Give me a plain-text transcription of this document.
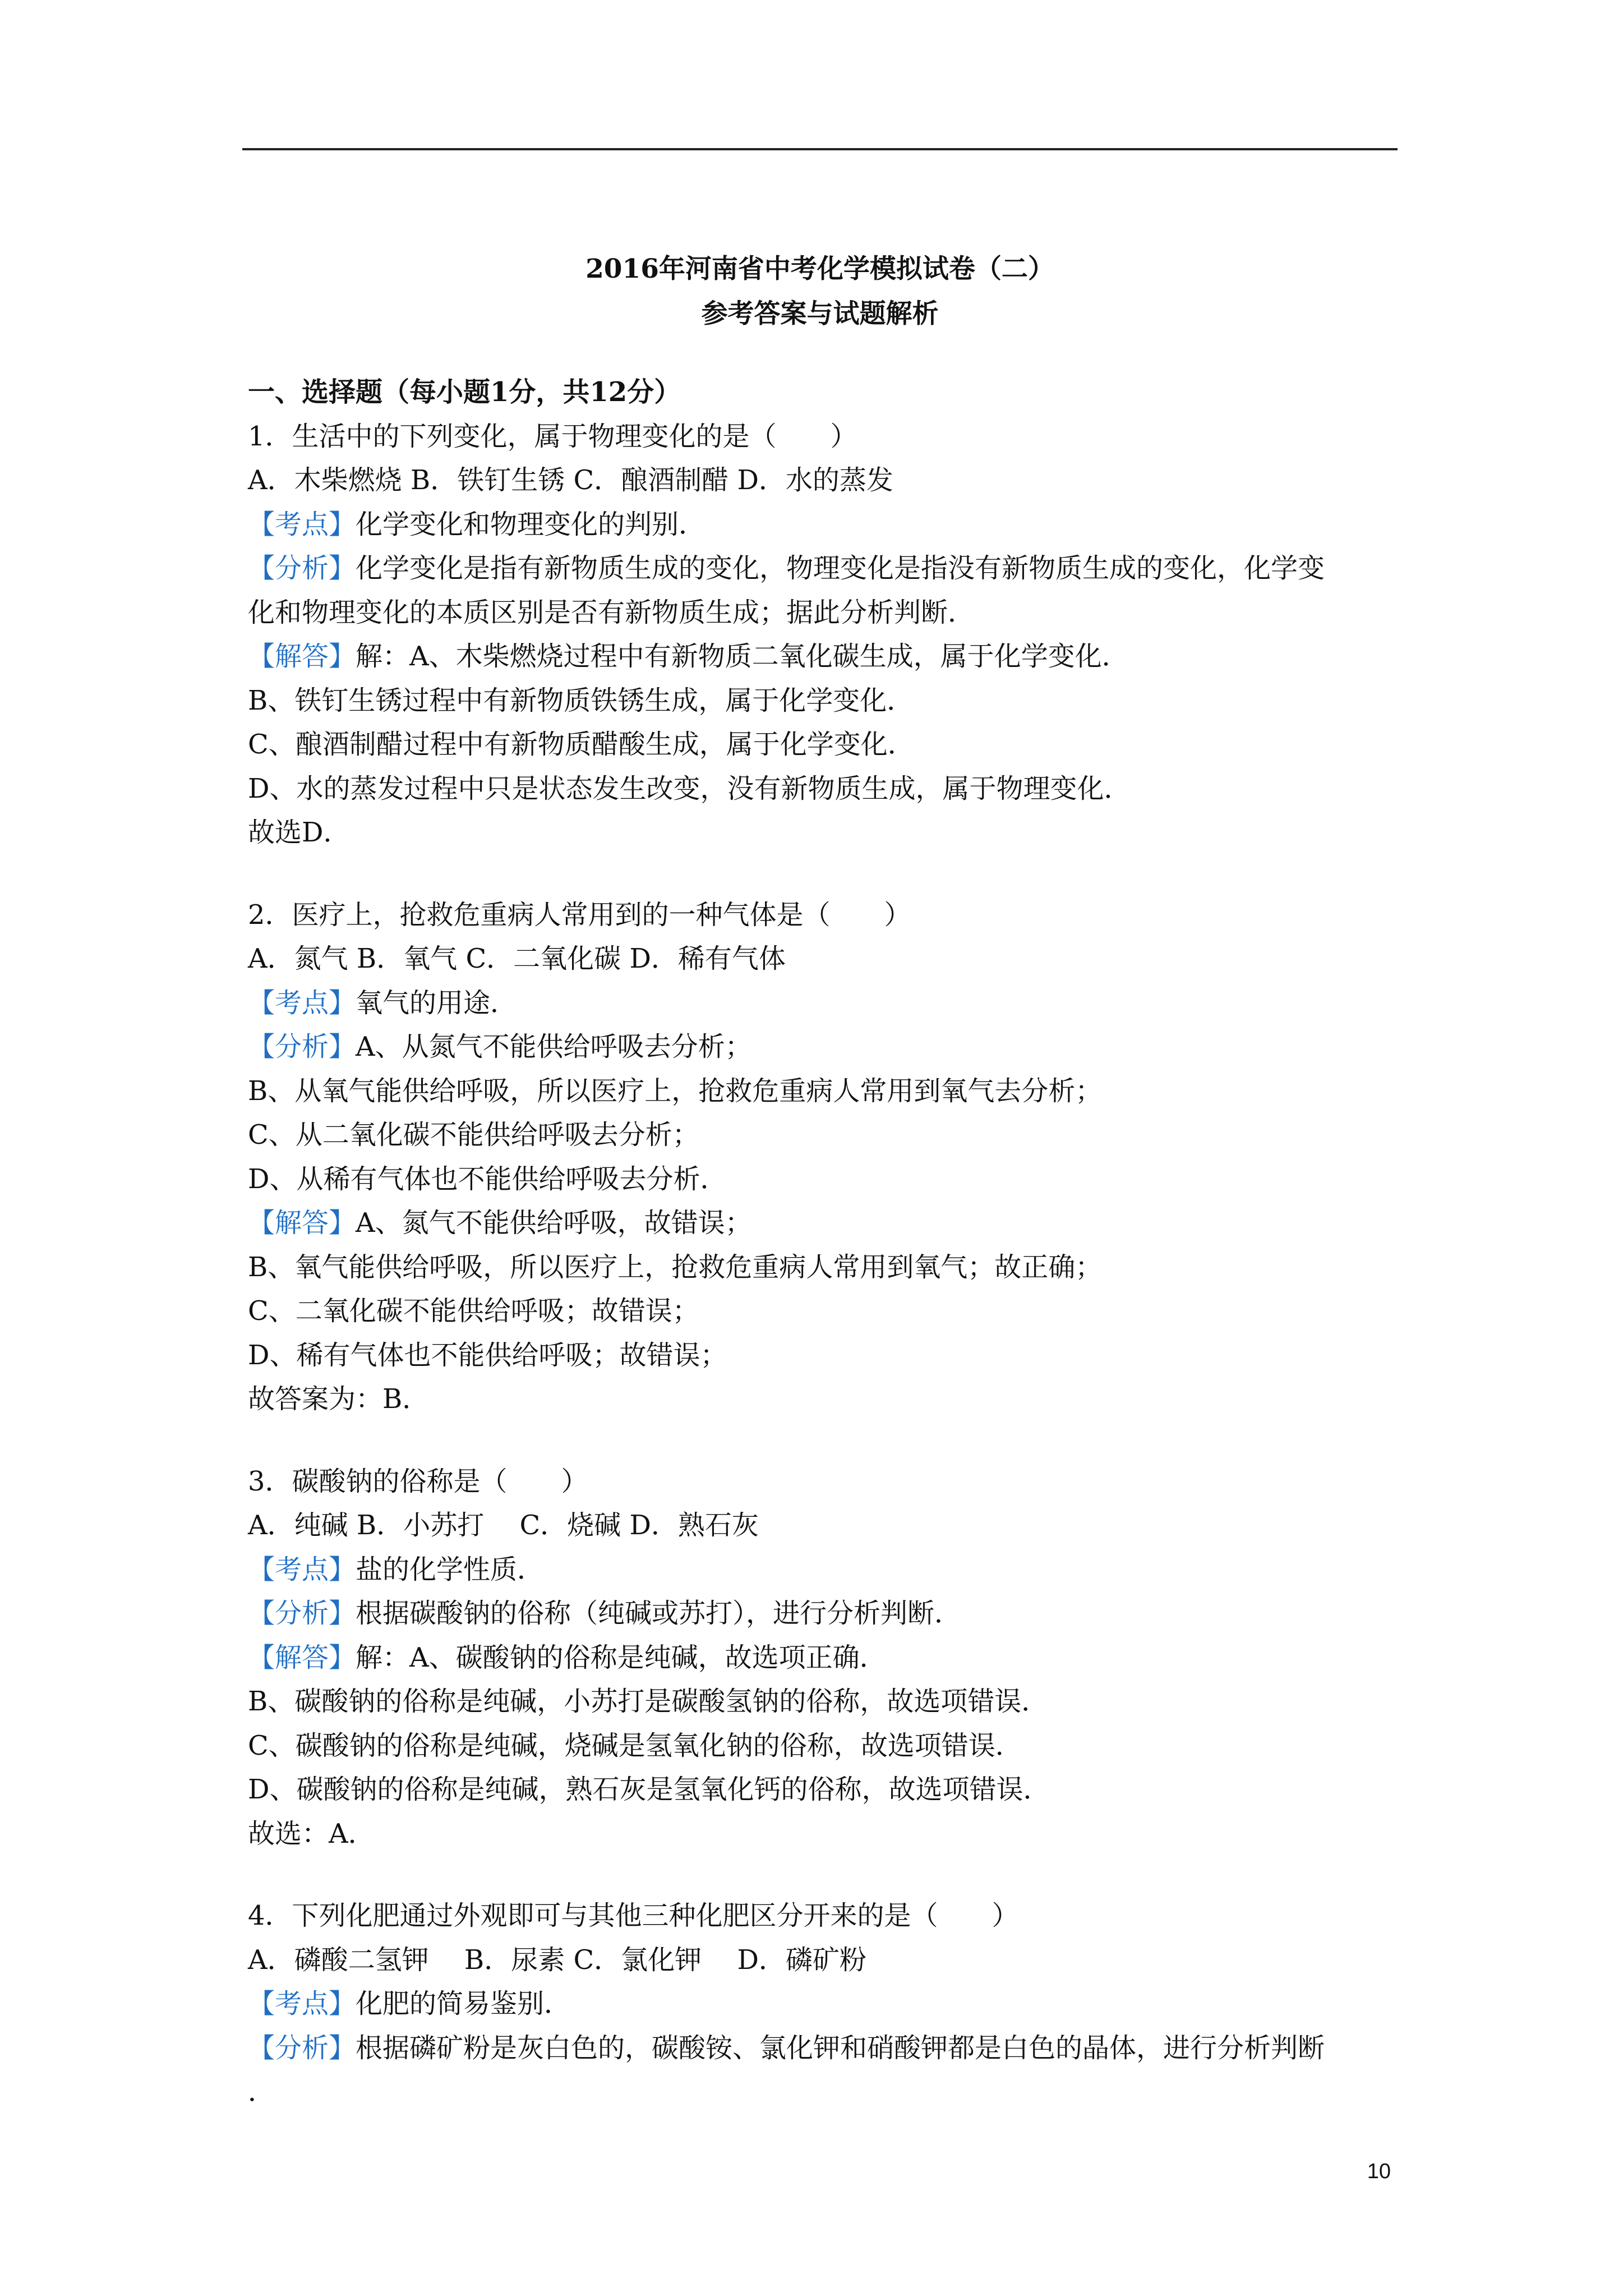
2016年河南省中考化学模拟试卷（二）
参考答案与试题解析
一、选择题（每小题1分，共12分）
1．生活中的下列变化，属于物理变化的是（　　）
A．木柴燃烧 B．铁钉生锈 C．酿酒制醋 D．水的蒸发
【考点】化学变化和物理变化的判别．
【分析】化学变化是指有新物质生成的变化，物理变化是指没有新物质生成的变化，化学变
化和物理变化的本质区别是否有新物质生成；据此分析判断．
【解答】解：A、木柴燃烧过程中有新物质二氧化碳生成，属于化学变化．
B、铁钉生锈过程中有新物质铁锈生成，属于化学变化．
C、酿酒制醋过程中有新物质醋酸生成，属于化学变化．
D、水的蒸发过程中只是状态发生改变，没有新物质生成，属于物理变化．
故选D．
2．医疗上，抢救危重病人常用到的一种气体是（　　）
A．氮气 B．氧气 C．二氧化碳 D．稀有气体
【考点】氧气的用途．
【分析】A、从氮气不能供给呼吸去分析；
B、从氧气能供给呼吸，所以医疗上，抢救危重病人常用到氧气去分析；
C、从二氧化碳不能供给呼吸去分析；
D、从稀有气体也不能供给呼吸去分析．
【解答】A、氮气不能供给呼吸，故错误；
B、氧气能供给呼吸，所以医疗上，抢救危重病人常用到氧气；故正确；
C、二氧化碳不能供给呼吸；故错误；
D、稀有气体也不能供给呼吸；故错误；
故答案为：B．
3．碳酸钠的俗称是（　　）
A．纯碱 B．小苏打　 C．烧碱 D．熟石灰
【考点】盐的化学性质．
【分析】根据碳酸钠的俗称（纯碱或苏打），进行分析判断．
【解答】解：A、碳酸钠的俗称是纯碱，故选项正确．
B、碳酸钠的俗称是纯碱，小苏打是碳酸氢钠的俗称，故选项错误．
C、碳酸钠的俗称是纯碱，烧碱是氢氧化钠的俗称，故选项错误．
D、碳酸钠的俗称是纯碱，熟石灰是氢氧化钙的俗称，故选项错误．
故选：A．
4．下列化肥通过外观即可与其他三种化肥区分开来的是（　　）
A．磷酸二氢钾　 B．尿素 C．氯化钾　 D．磷矿粉
【考点】化肥的简易鉴别．
【分析】根据磷矿粉是灰白色的，碳酸铵、氯化钾和硝酸钾都是白色的晶体，进行分析判断
．
10
